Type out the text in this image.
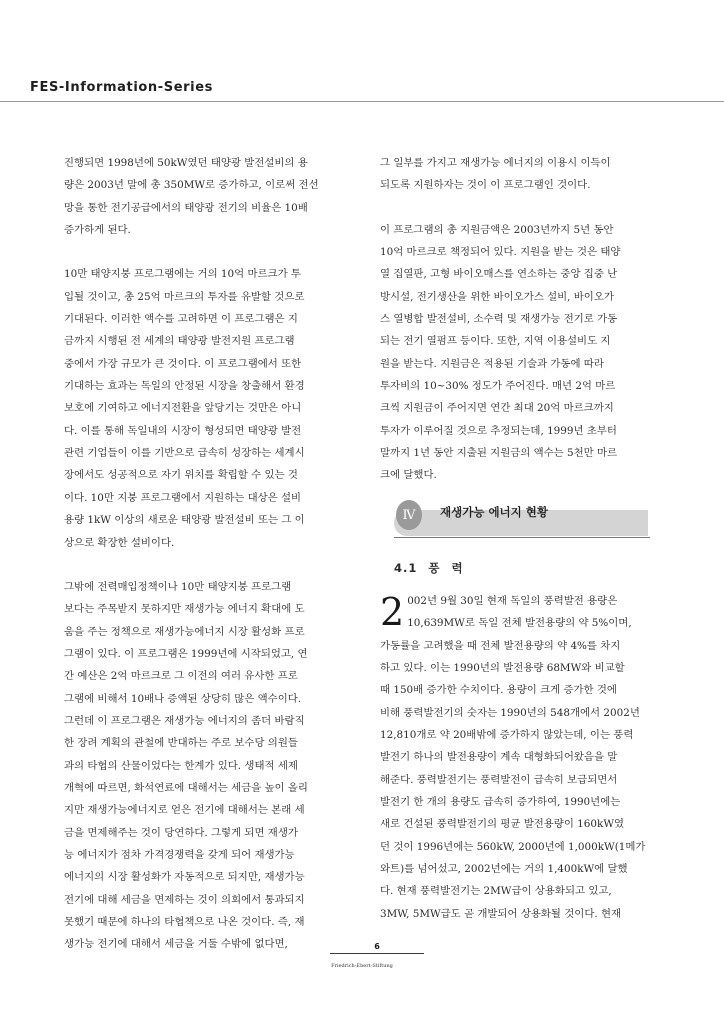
FES-Information-Series

진행되면 1998년에 50kW였던 태양광 발전설비의 용
량은 2003년 말에 총 350MW로 증가하고, 이로써 전선
망을 통한 전기공급에서의 태양광 전기의 비율은 10배
증가하게 된다.

10만 태양지붕 프로그램에는 거의 10억 마르크가 투
입될 것이고, 총 25억 마르크의 투자를 유발할 것으로
기대된다. 이러한 액수를 고려하면 이 프로그램은 지
금까지 시행된 전 세계의 태양광 발전지원 프로그램
중에서 가장 규모가 큰 것이다. 이 프로그램에서 또한
기대하는 효과는 독일의 안정된 시장을 창출해서 환경
보호에 기여하고 에너지전환을 앞당기는 것만은 아니
다. 이를 통해 독일내의 시장이 형성되면 태양광 발전
관련 기업들이 이를 기반으로 급속히 성장하는 세계시
장에서도 성공적으로 자기 위치를 확립할 수 있는 것
이다. 10만 지붕 프로그램에서 지원하는 대상은 설비
용량 1kW 이상의 새로운 태양광 발전설비 또는 그 이
상으로 확장한 설비이다.

그밖에 전력매입정책이나 10만 태양지붕 프로그램
보다는 주목받지 못하지만 재생가능 에너지 확대에 도
움을 주는 정책으로 재생가능에너지 시장 활성화 프로
그램이 있다. 이 프로그램은 1999년에 시작되었고, 연
간 예산은 2억 마르크로 그 이전의 여러 유사한 프로
그램에 비해서 10배나 증액된 상당히 많은 액수이다.
그런데 이 프로그램은 재생가능 에너지의 좀더 바람직
한 장려 계획의 관철에 반대하는 주로 보수당 의원들
과의 타협의 산물이었다는 한계가 있다. 생태적 세제
개혁에 따르면, 화석연료에 대해서는 세금을 높이 올리
지만 재생가능에너지로 얻은 전기에 대해서는 본래 세
금을 면제해주는 것이 당연하다. 그렇게 되면 재생가
능 에너지가 점차 가격경쟁력을 갖게 되어 재생가능
에너지의 시장 활성화가 자동적으로 되지만, 재생가능
전기에 대해 세금을 면제하는 것이 의회에서 통과되지
못했기 때문에 하나의 타협책으로 나온 것이다. 즉, 재
생가능 전기에 대해서 세금을 거둘 수밖에 없다면,

그 일부를 가지고 재생가능 에너지의 이용시 이득이
되도록 지원하자는 것이 이 프로그램인 것이다.

이 프로그램의 총 지원금액은 2003년까지 5년 동안
10억 마르크로 책정되어 있다. 지원을 받는 것은 태양
열 집열판, 고형 바이오매스를 연소하는 중앙 집중 난
방시설, 전기생산을 위한 바이오가스 설비, 바이오가
스 열병합 발전설비, 소수력 및 재생가능 전기로 가동
되는 전기 열펌프 등이다. 또한, 지역 이용설비도 지
원을 받는다. 지원금은 적용된 기술과 가동에 따라
투자비의 10~30% 정도가 주어진다. 매년 2억 마르
크씩 지원금이 주어지면 연간 최대 20억 마르크까지
투자가 이루어질 것으로 추정되는데, 1999년 초부터
말까지 1년 동안 지출된 지원금의 액수는 5천만 마르
크에 달했다.

Ⅳ	재생가능 에너지 현황
4.1 풍 력

2 002년 9월 30일 현재 독일의 풍력발전 용량은
10,639MW로 독일 전체 발전용량의 약 5%이며,
가동률을 고려했을 때 전체 발전용량의 약 4%를 차지
하고 있다. 이는 1990년의 발전용량 68MW와 비교할
때 150배 증가한 수치이다. 용량이 크게 증가한 것에
비해 풍력발전기의 숫자는 1990년의 548개에서 2002년
12,810개로 약 20배밖에 증가하지 않았는데, 이는 풍력
발전기 하나의 발전용량이 계속 대형화되어왔음을 말
해준다. 풍력발전기는 풍력발전이 급속히 보급되면서
발전기 한 개의 용량도 급속히 증가하여, 1990년에는
새로 건설된 풍력발전기의 평균 발전용량이 160kW였
던 것이 1996년에는 560kW, 2000년에 1,000kW(1메가
와트)를 넘어섰고, 2002년에는 거의 1,400kW에 달했
다. 현재 풍력발전기는 2MW급이 상용화되고 있고,
3MW, 5MW급도 곧 개발되어 상용화될 것이다. 현재

6

Friedrich-Ebert-Stiftung
